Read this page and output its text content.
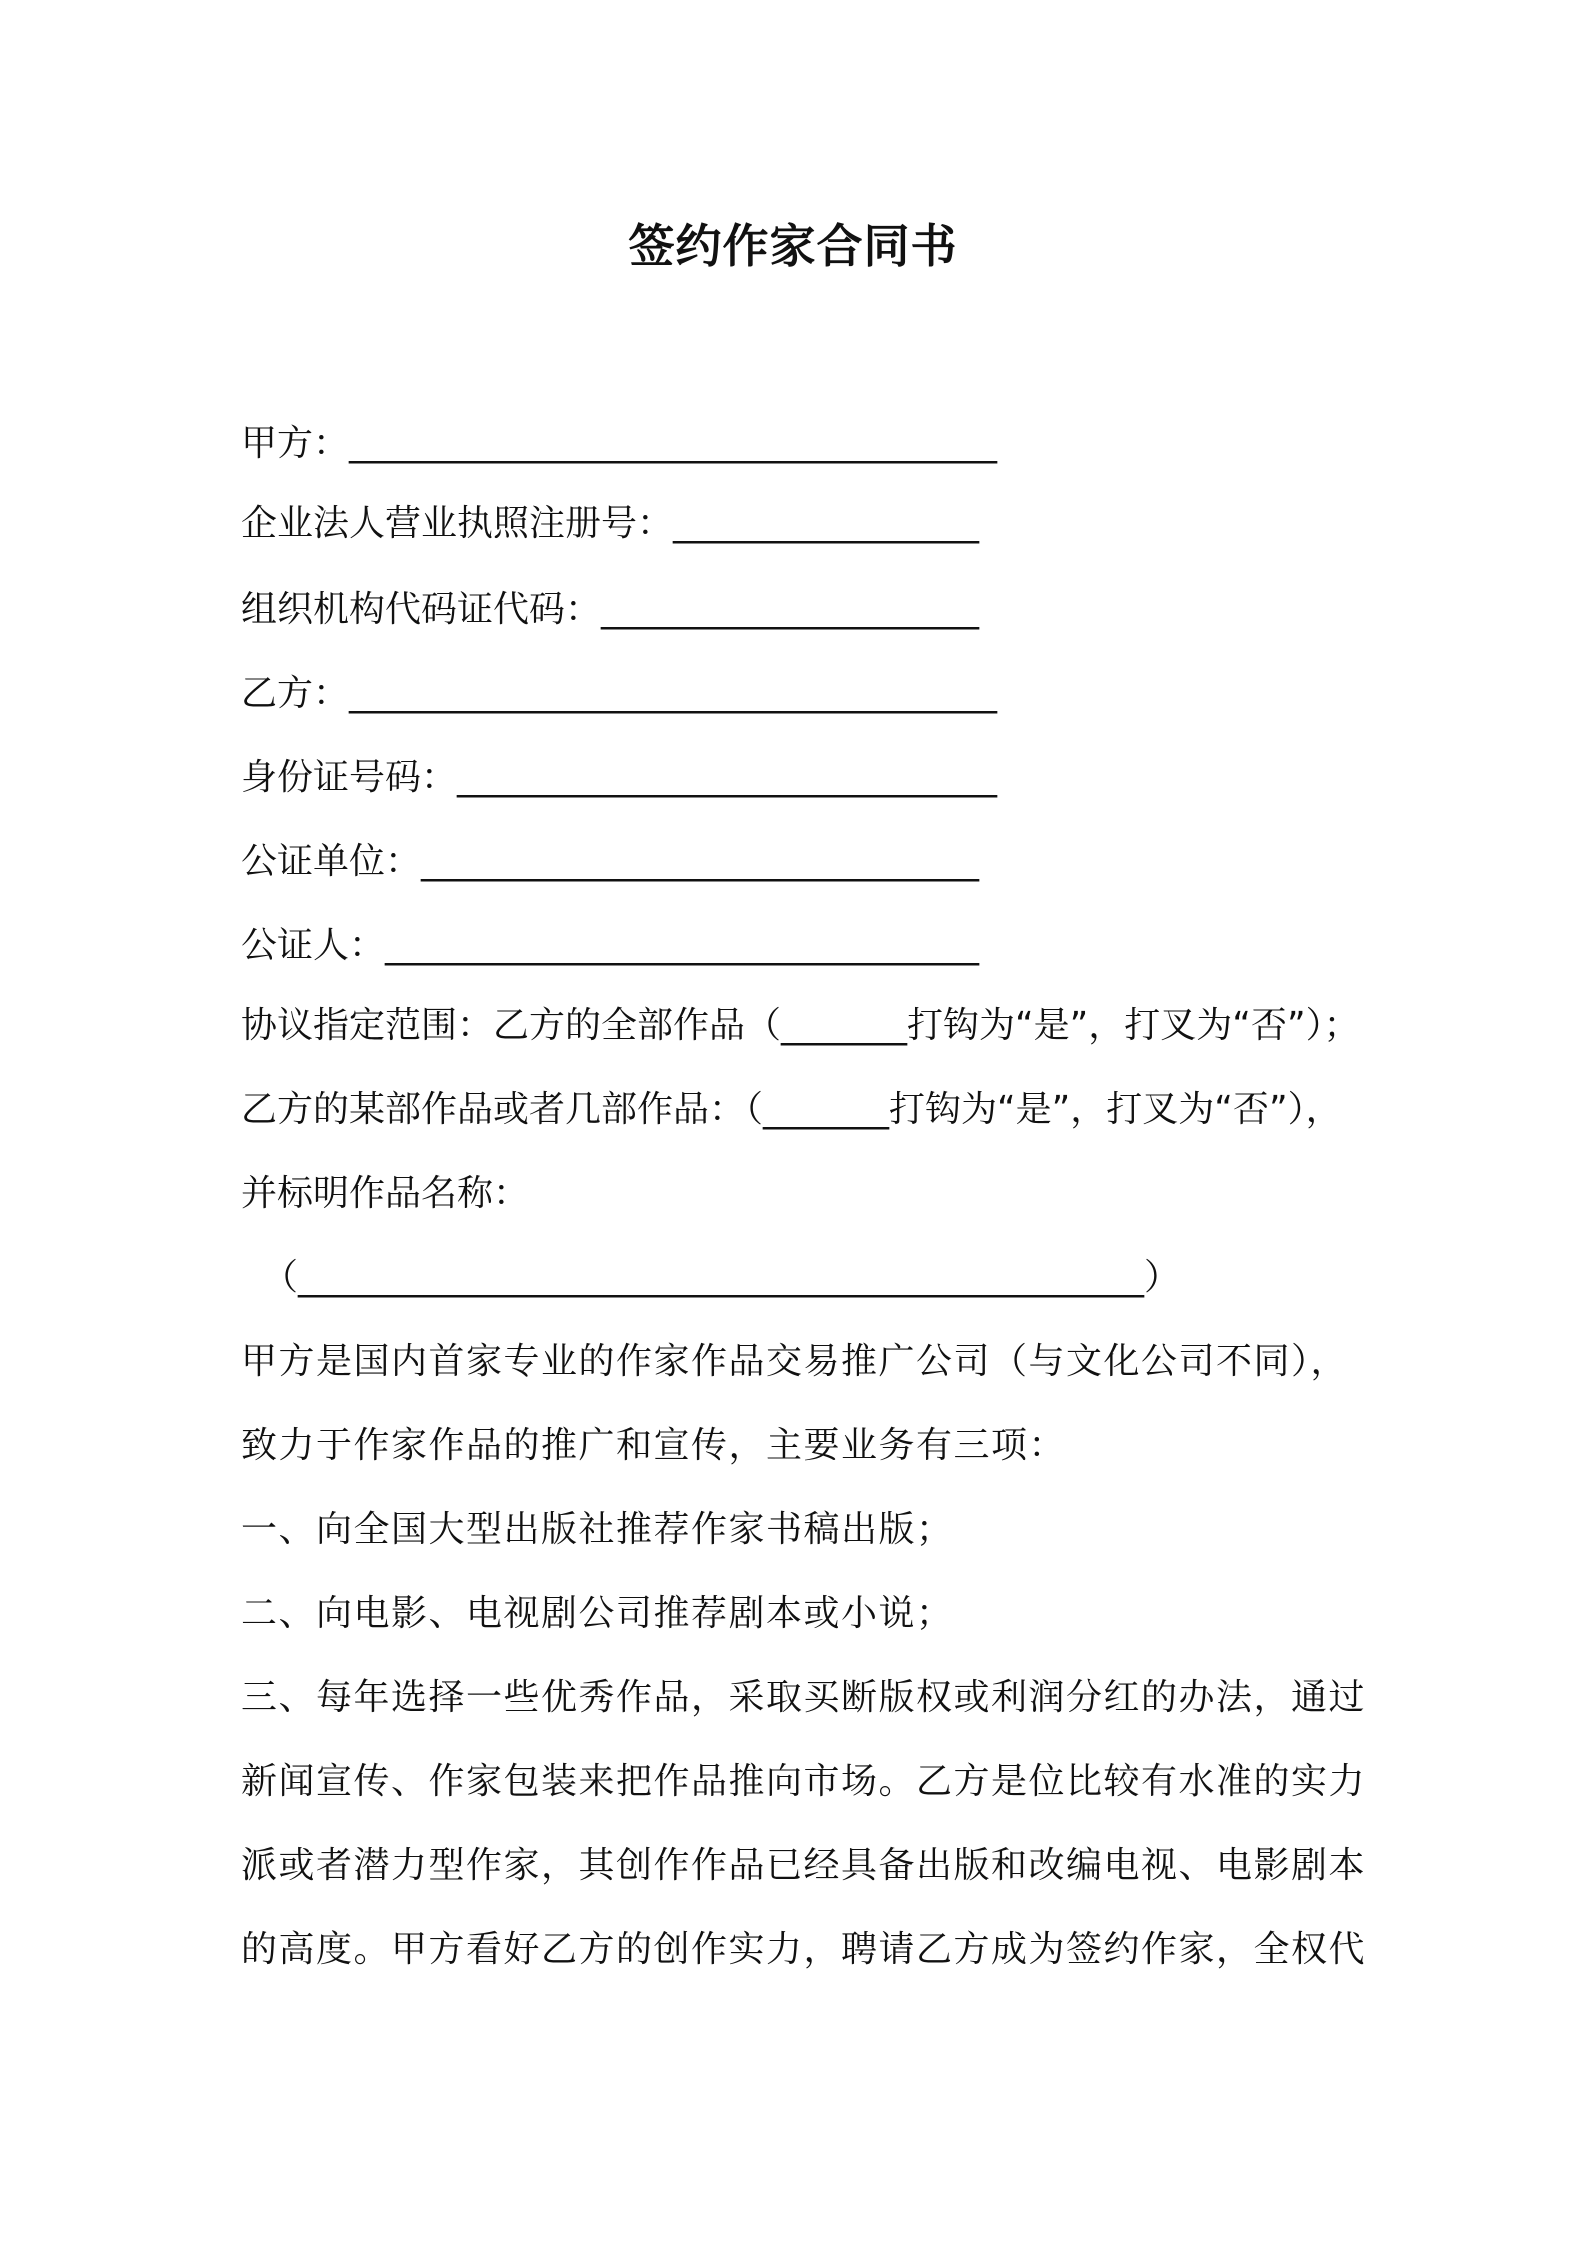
签约作家合同书
甲方：____________________________________
企业法人营业执照注册号：_________________
组织机构代码证代码：_____________________
乙方：____________________________________
身份证号码：______________________________
公证单位：_______________________________
公证人：_________________________________
协议指定范围：乙方的全部作品（_______打钩为“是”，打叉为“否”）；
乙方的某部作品或者几部作品：（_______打钩为“是”，打叉为“否”），
并标明作品名称：
（_______________________________________________）
甲方是国内首家专业的作家作品交易推广公司（与文化公司不同），
致力于作家作品的推广和宣传，主要业务有三项：
一、向全国大型出版社推荐作家书稿出版；
二、向电影、电视剧公司推荐剧本或小说；
三、每年选择一些优秀作品，采取买断版权或利润分红的办法，通过
新闻宣传、作家包装来把作品推向市场。乙方是位比较有水准的实力
派或者潜力型作家，其创作作品已经具备出版和改编电视、电影剧本
的高度。甲方看好乙方的创作实力，聘请乙方成为签约作家，全权代
